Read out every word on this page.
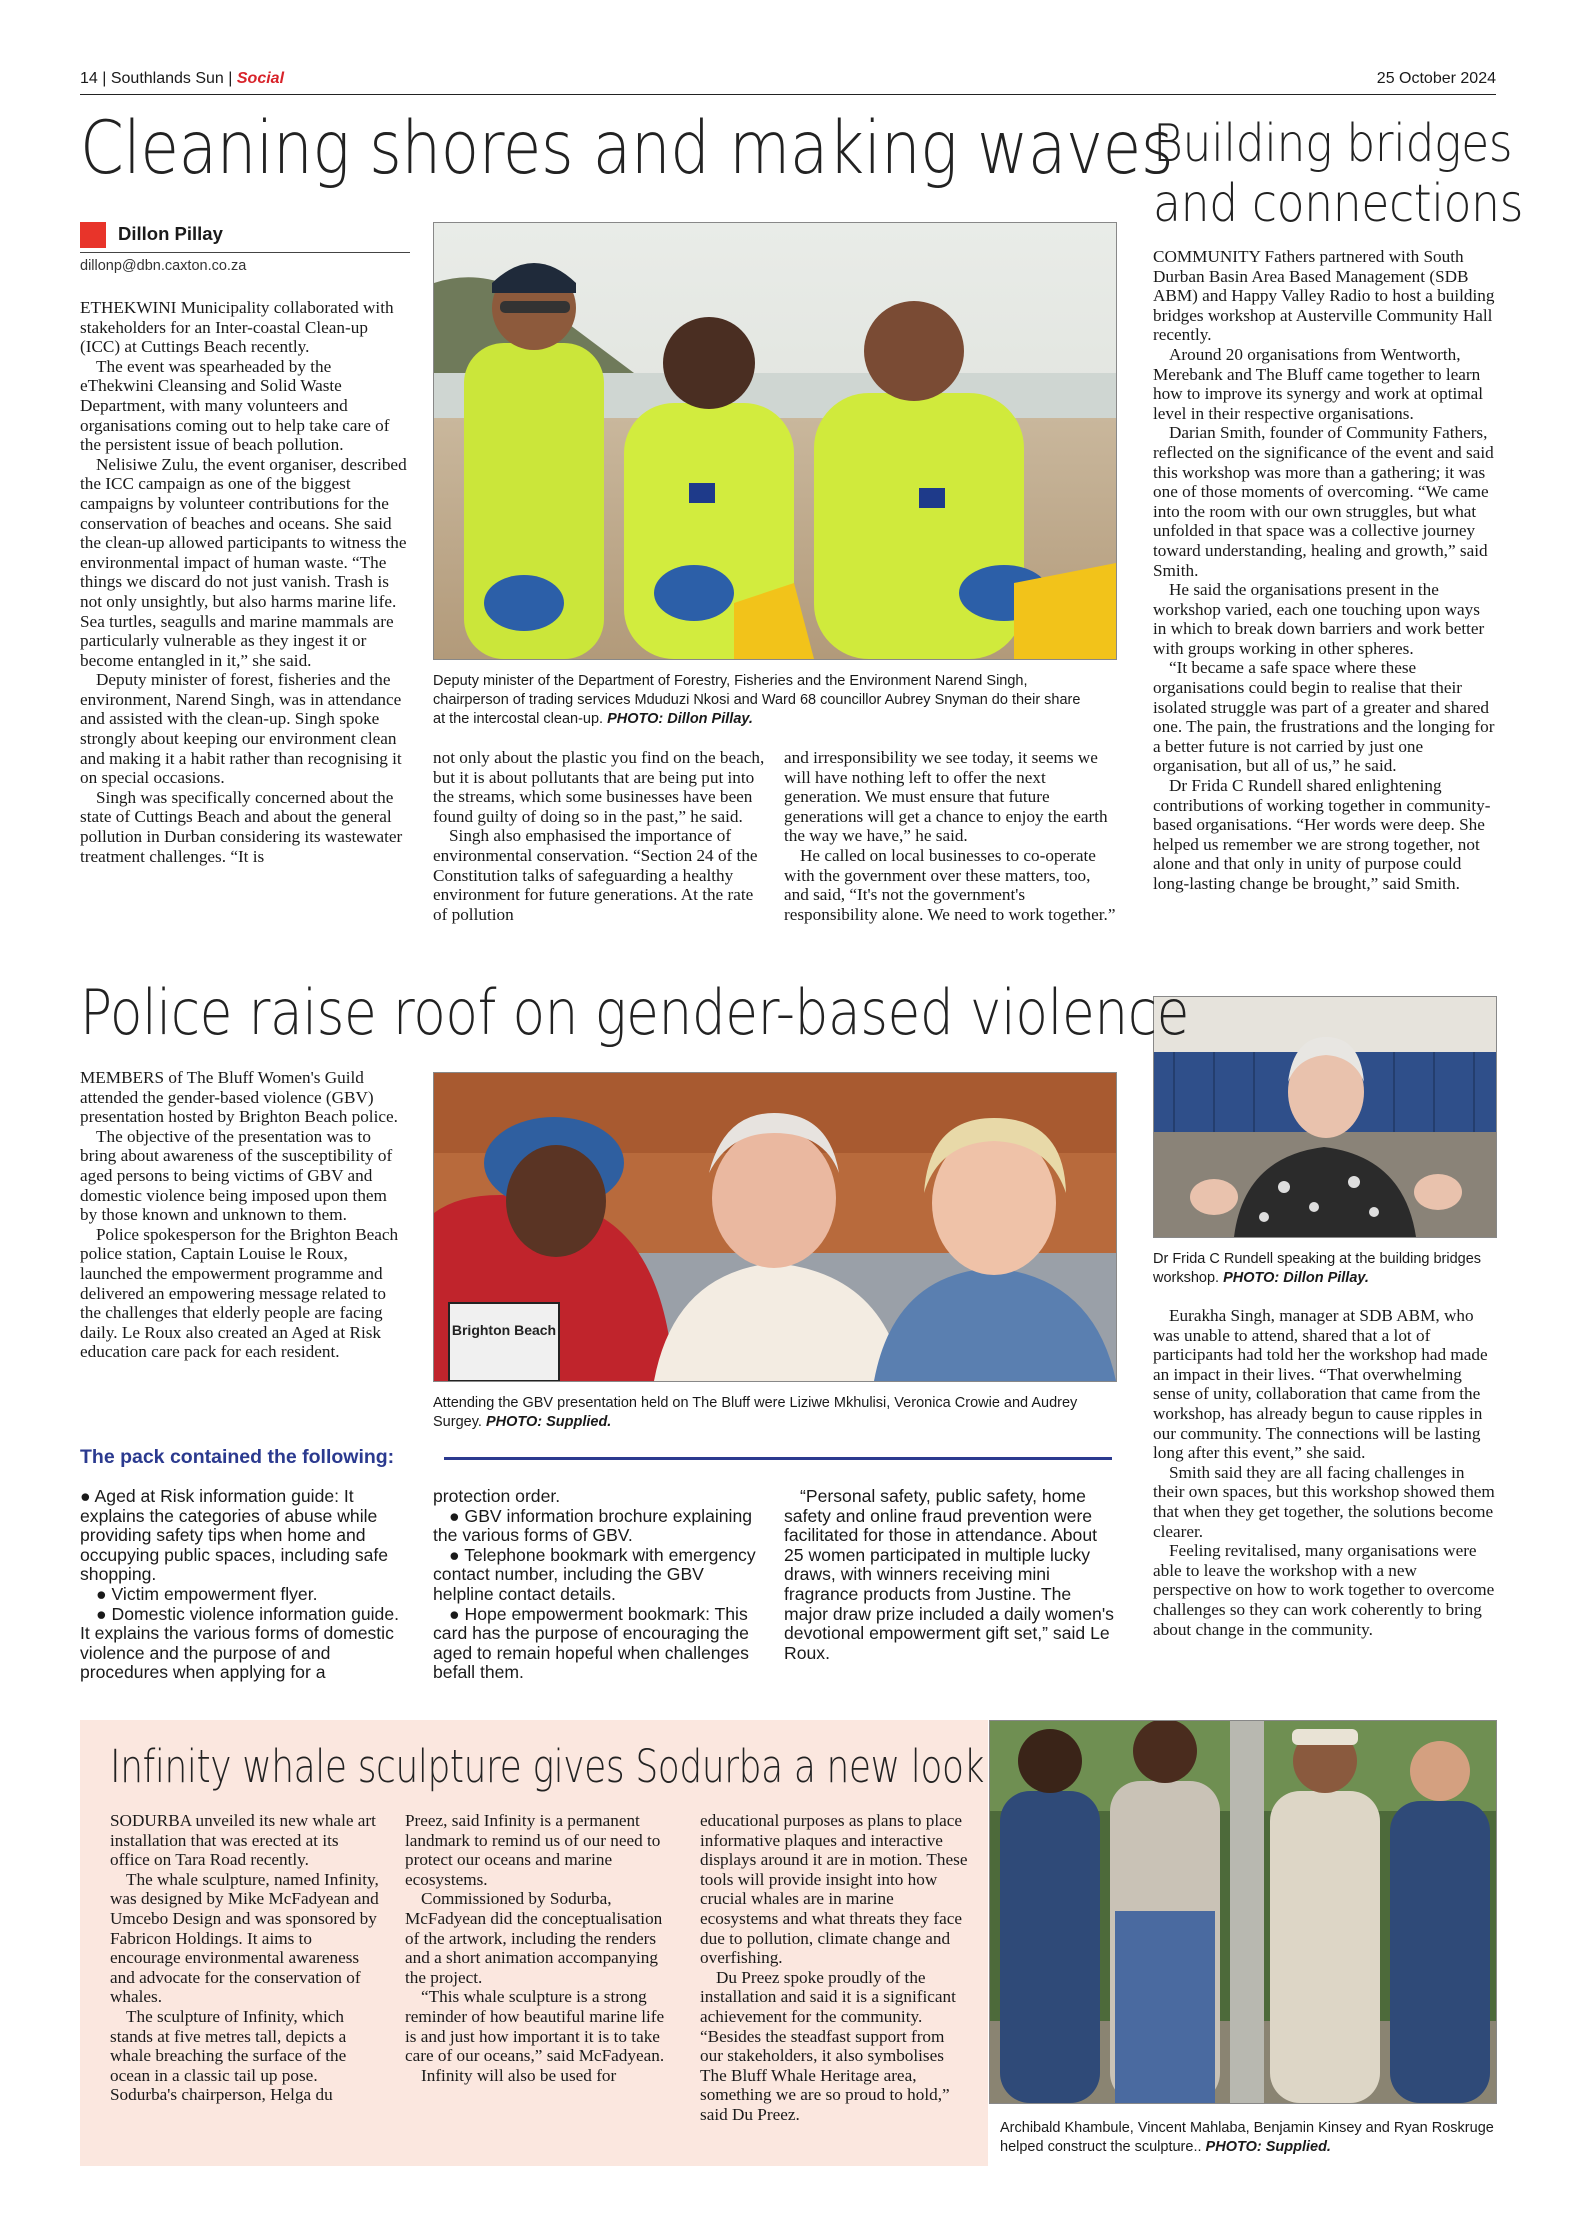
14 | Southlands Sun | Social	25 October 2024
Cleaning shores and making waves
Dillon Pillay
dillonp@dbn.caxton.co.za

ETHEKWINI Municipality collaborated with stakeholders for an Inter-coastal Clean-up (ICC) at Cuttings Beach recently.

The event was spearheaded by the eThekwini Cleansing and Solid Waste Department, with many volunteers and organisations coming out to help take care of the persistent issue of beach pollution.

Nelisiwe Zulu, the event organiser, described the ICC campaign as one of the biggest campaigns by volunteer contributions for the conservation of beaches and oceans. She said the clean-up allowed participants to witness the environmental impact of human waste. “The things we discard do not just vanish. Trash is not only unsightly, but also harms marine life. Sea turtles, seagulls and marine mammals are particularly vulnerable as they ingest it or become entangled in it,” she said.

Deputy minister of forest, fisheries and the environment, Narend Singh, was in attendance and assisted with the clean-up. Singh spoke strongly about keeping our environment clean and making it a habit rather than recognising it on special occasions.

Singh was specifically concerned about the state of Cuttings Beach and about the general pollution in Durban considering its wastewater treatment challenges. “It is

Deputy minister of the Department of Forestry, Fisheries and the Environment Narend Singh, chairperson of trading services Mduduzi Nkosi and Ward 68 councillor Aubrey Snyman do their share at the intercostal clean-up. PHOTO: Dillon Pillay.

not only about the plastic you find on the beach, but it is about pollutants that are being put into the streams, which some businesses have been found guilty of doing so in the past,” he said.

Singh also emphasised the importance of environmental conservation. “Section 24 of the Constitution talks of safeguarding a healthy environment for future generations. At the rate of pollution

and irresponsibility we see today, it seems we will have nothing left to offer the next generation. We must ensure that future generations will get a chance to enjoy the earth the way we have,” he said.

He called on local businesses to co-operate with the government over these matters, too, and said, “It's not the government's responsibility alone. We need to work together.”

Building bridges
and connections

COMMUNITY Fathers partnered with South Durban Basin Area Based Management (SDB ABM) and Happy Valley Radio to host a building bridges workshop at Austerville Community Hall recently.

Around 20 organisations from Wentworth, Merebank and The Bluff came together to learn how to improve its synergy and work at optimal level in their respective organisations.

Darian Smith, founder of Community Fathers, reflected on the significance of the event and said this workshop was more than a gathering; it was one of those moments of overcoming. “We came into the room with our own struggles, but what unfolded in that space was a collective journey toward understanding, healing and growth,” said Smith.

He said the organisations present in the workshop varied, each one touching upon ways in which to break down barriers and work better with groups working in other spheres.

“It became a safe space where these organisations could begin to realise that their isolated struggle was part of a greater and shared one. The pain, the frustrations and the longing for a better future is not carried by just one organisation, but all of us,” he said.

Dr Frida C Rundell shared enlightening contributions of working together in community-based organisations. “Her words were deep. She helped us remember we are strong together, not alone and that only in unity of purpose could long-lasting change be brought,” said Smith.

Dr Frida C Rundell speaking at the building bridges workshop. PHOTO: Dillon Pillay.

Eurakha Singh, manager at SDB ABM, who was unable to attend, shared that a lot of participants had told her the workshop had made an impact in their lives. “That overwhelming sense of unity, collaboration that came from the workshop, has already begun to cause ripples in our community. The connections will be lasting long after this event,” she said.

Smith said they are all facing challenges in their own spaces, but this workshop showed them that when they get together, the solutions become clearer.

Feeling revitalised, many organisations were able to leave the workshop with a new perspective on how to work together to overcome challenges so they can work coherently to bring about change in the community.

Police raise roof on gender-based violence

MEMBERS of The Bluff Women's Guild attended the gender-based violence (GBV) presentation hosted by Brighton Beach police.

The objective of the presentation was to bring about awareness of the susceptibility of aged persons to being victims of GBV and domestic violence being imposed upon them by those known and unknown to them.

Police spokesperson for the Brighton Beach police station, Captain Louise le Roux, launched the empowerment programme and delivered an empowering message related to the challenges that elderly people are facing daily. Le Roux also created an Aged at Risk education care pack for each resident.

Brighton Beach
Attending the GBV presentation held on The Bluff were Liziwe Mkhulisi, Veronica Crowie and Audrey Surgey. PHOTO: Supplied.
The pack contained the following:

● Aged at Risk information guide: It explains the categories of abuse while providing safety tips when home and occupying public spaces, including safe shopping.

● Victim empowerment flyer.

● Domestic violence information guide. It explains the various forms of domestic violence and the purpose of and procedures when applying for a

protection order.

● GBV information brochure explaining the various forms of GBV.

● Telephone bookmark with emergency contact number, including the GBV helpline contact details.

● Hope empowerment bookmark: This card has the purpose of encouraging the aged to remain hopeful when challenges befall them.

“Personal safety, public safety, home safety and online fraud prevention were facilitated for those in attendance. About 25 women participated in multiple lucky draws, with winners receiving mini fragrance products from Justine. The major draw prize included a daily women's devotional empowerment gift set,” said Le Roux.

Infinity whale sculpture gives Sodurba a new look

SODURBA unveiled its new whale art installation that was erected at its office on Tara Road recently.

The whale sculpture, named Infinity, was designed by Mike McFadyean and Umcebo Design and was sponsored by Fabricon Holdings. It aims to encourage environmental awareness and advocate for the conservation of whales.

The sculpture of Infinity, which stands at five metres tall, depicts a whale breaching the surface of the ocean in a classic tail up pose. Sodurba's chairperson, Helga du

Preez, said Infinity is a permanent landmark to remind us of our need to protect our oceans and marine ecosystems.

Commissioned by Sodurba, McFadyean did the conceptualisation of the artwork, including the renders and a short animation accompanying the project.

“This whale sculpture is a strong reminder of how beautiful marine life is and just how important it is to take care of our oceans,” said McFadyean.

Infinity will also be used for

educational purposes as plans to place informative plaques and interactive displays around it are in motion. These tools will provide insight into how crucial whales are in marine ecosystems and what threats they face due to pollution, climate change and overfishing.

Du Preez spoke proudly of the installation and said it is a significant achievement for the community. “Besides the steadfast support from our stakeholders, it also symbolises The Bluff Whale Heritage area, something we are so proud to hold,” said Du Preez.

Archibald Khambule, Vincent Mahlaba, Benjamin Kinsey and Ryan Roskruge helped construct the sculpture.. PHOTO: Supplied.
